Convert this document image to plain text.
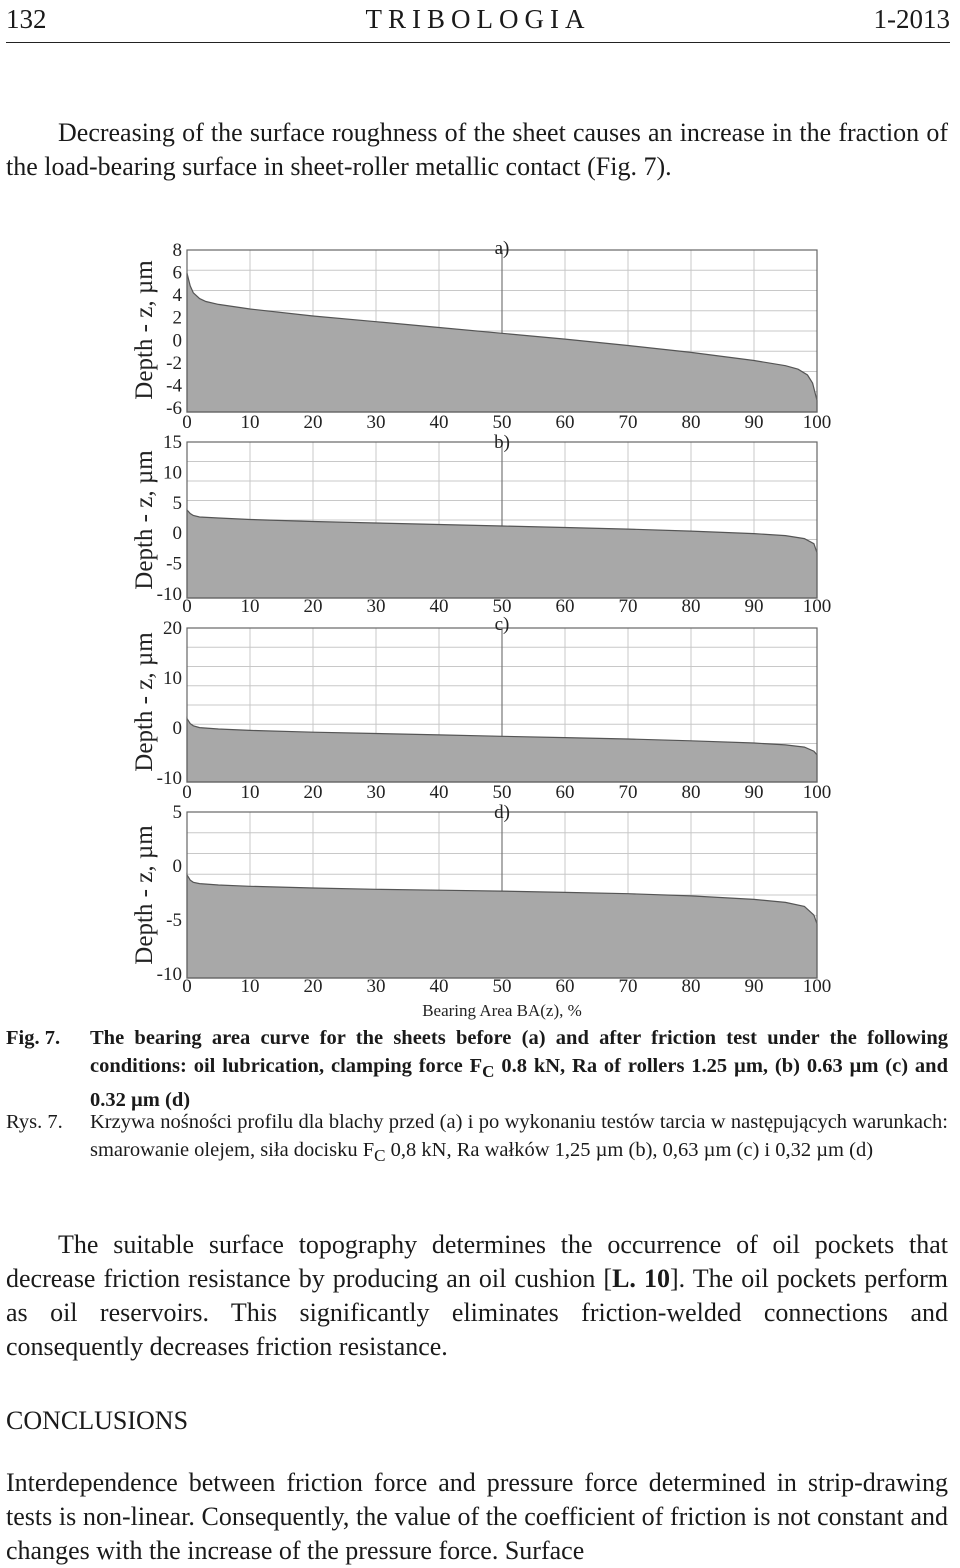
132	TRIBOLOGIA	1-2013

Decreasing of the surface roughness of the sheet causes an increase in the fraction of the load-bearing surface in sheet-roller metallic contact (Fig. 7).

a)
0	10 20 30 40 50 60 70 80 90 100
8
6
4
2
0
-2
-4
-6
Depth - z, µm
b)
0	10 20 30 40 50 60 70 80 90 100
15
10
5
0
-5
-10
Depth - z, µm
c)
0	10 20 30 40 50 60 70 80 90 100
20
10
0
-10
Depth - z, µm
d)
0	10 20 30 40 50 60 70 80 90 100
5
0
-5
-10
Depth - z, µm
Bearing Area BA(z), %
Fig. 7. The bearing area curve for the sheets before (a) and after friction test under the following conditions: oil lubrication, clamping force $F_C$ 0.8 kN, Ra of rollers 1.25 µm, (b) 0.63 µm (c) and 0.32 µm (d)
Rys. 7. Krzywa nośności profilu dla blachy przed (a) i po wykonaniu testów tarcia w następujących warunkach: smarowanie olejem, siła docisku $F_C$ 0,8 kN, Ra wałków 1,25 µm (b), 0,63 µm (c) i 0,32 µm (d)

The suitable surface topography determines the occurrence of oil pockets that decrease friction resistance by producing an oil cushion [L. 10]. The oil pockets perform as oil reservoirs. This significantly eliminates friction-welded connections and consequently decreases friction resistance.

CONCLUSIONS

Interdependence between friction force and pressure force determined in strip-drawing tests is non-linear. Consequently, the value of the coefficient of friction is not constant and changes with the increase of the pressure force. Surface
